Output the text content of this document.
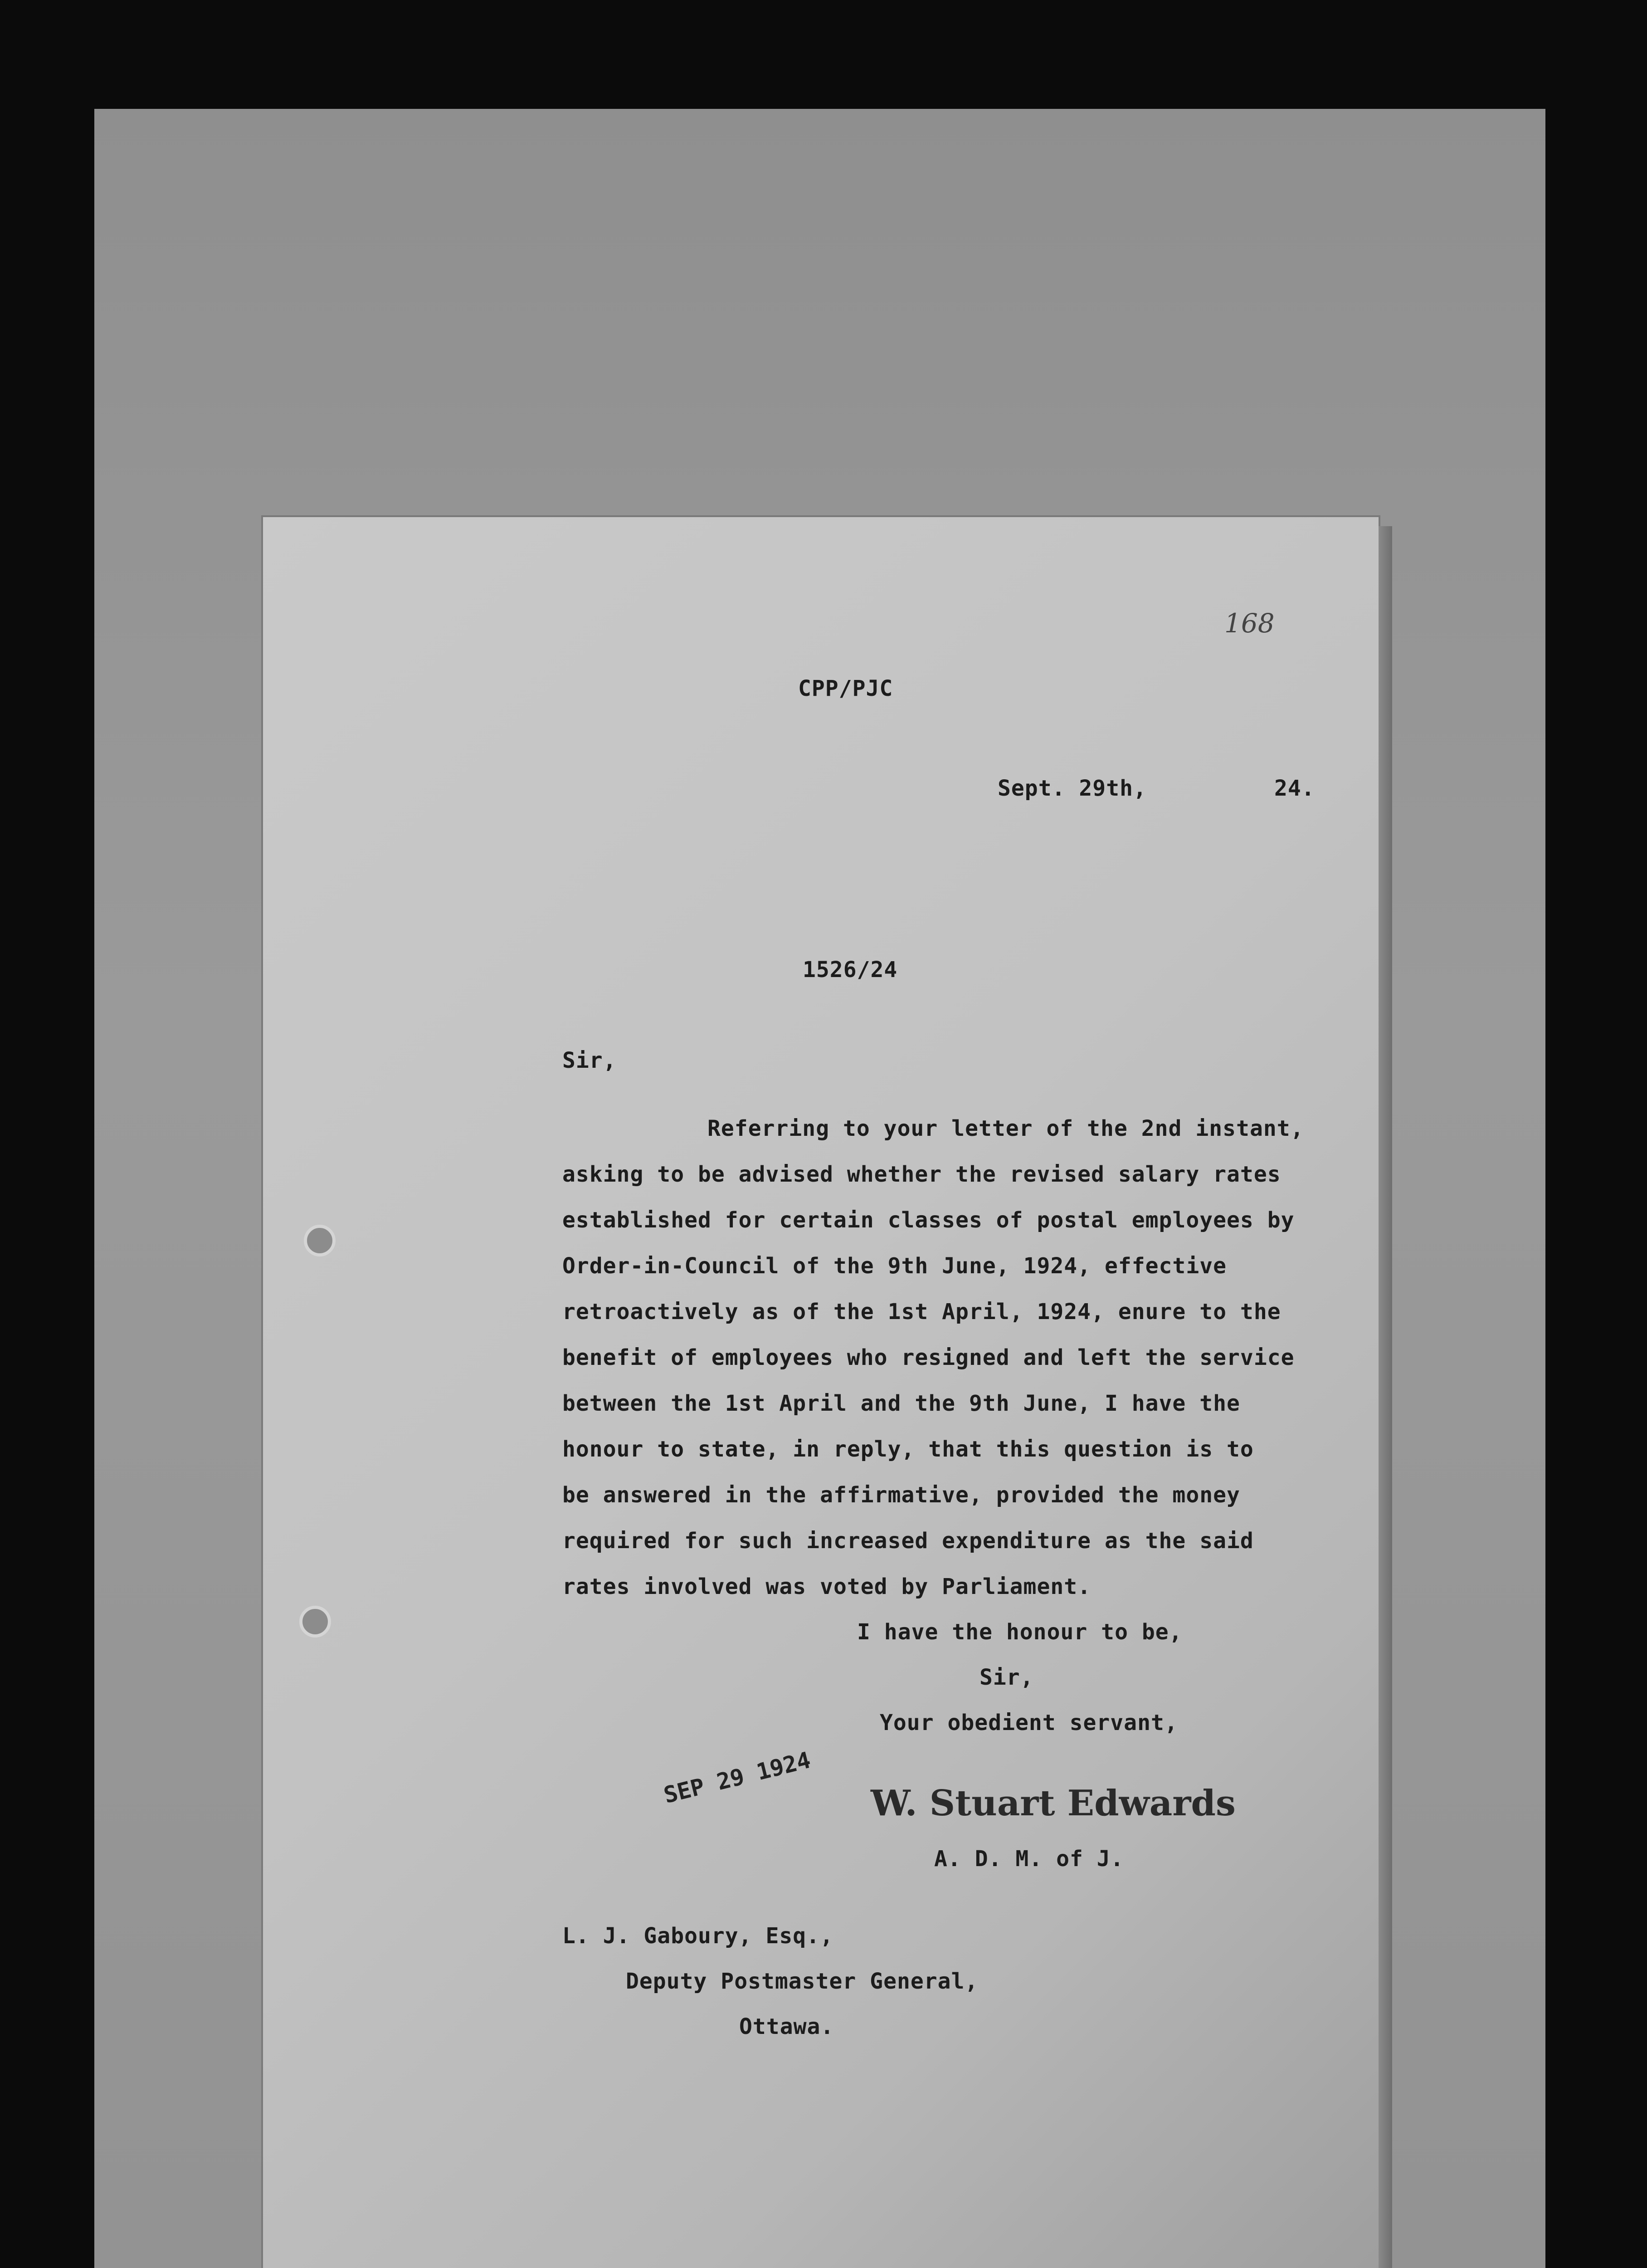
168
CPP/PJC
Sept. 29th,	24.
1526/24
Sir,
Referring to your letter of the 2nd instant,
asking to be advised whether the revised salary rates
established for certain classes of postal employees by
Order-in-Council of the 9th June, 1924, effective
retroactively as of the 1st April, 1924, enure to the
benefit of employees who resigned and left the service
between the 1st April and the 9th June, I have the
honour to state, in reply, that this question is to
be answered in the affirmative, provided the money
required for such increased expenditure as the said
rates involved was voted by Parliament.
I have the honour to be,
Sir,
Your obedient servant,
SEP 29 1924 W. Stuart Edwards
A. D. M. of J.
L. J. Gaboury, Esq.,
Deputy Postmaster General,
Ottawa.
